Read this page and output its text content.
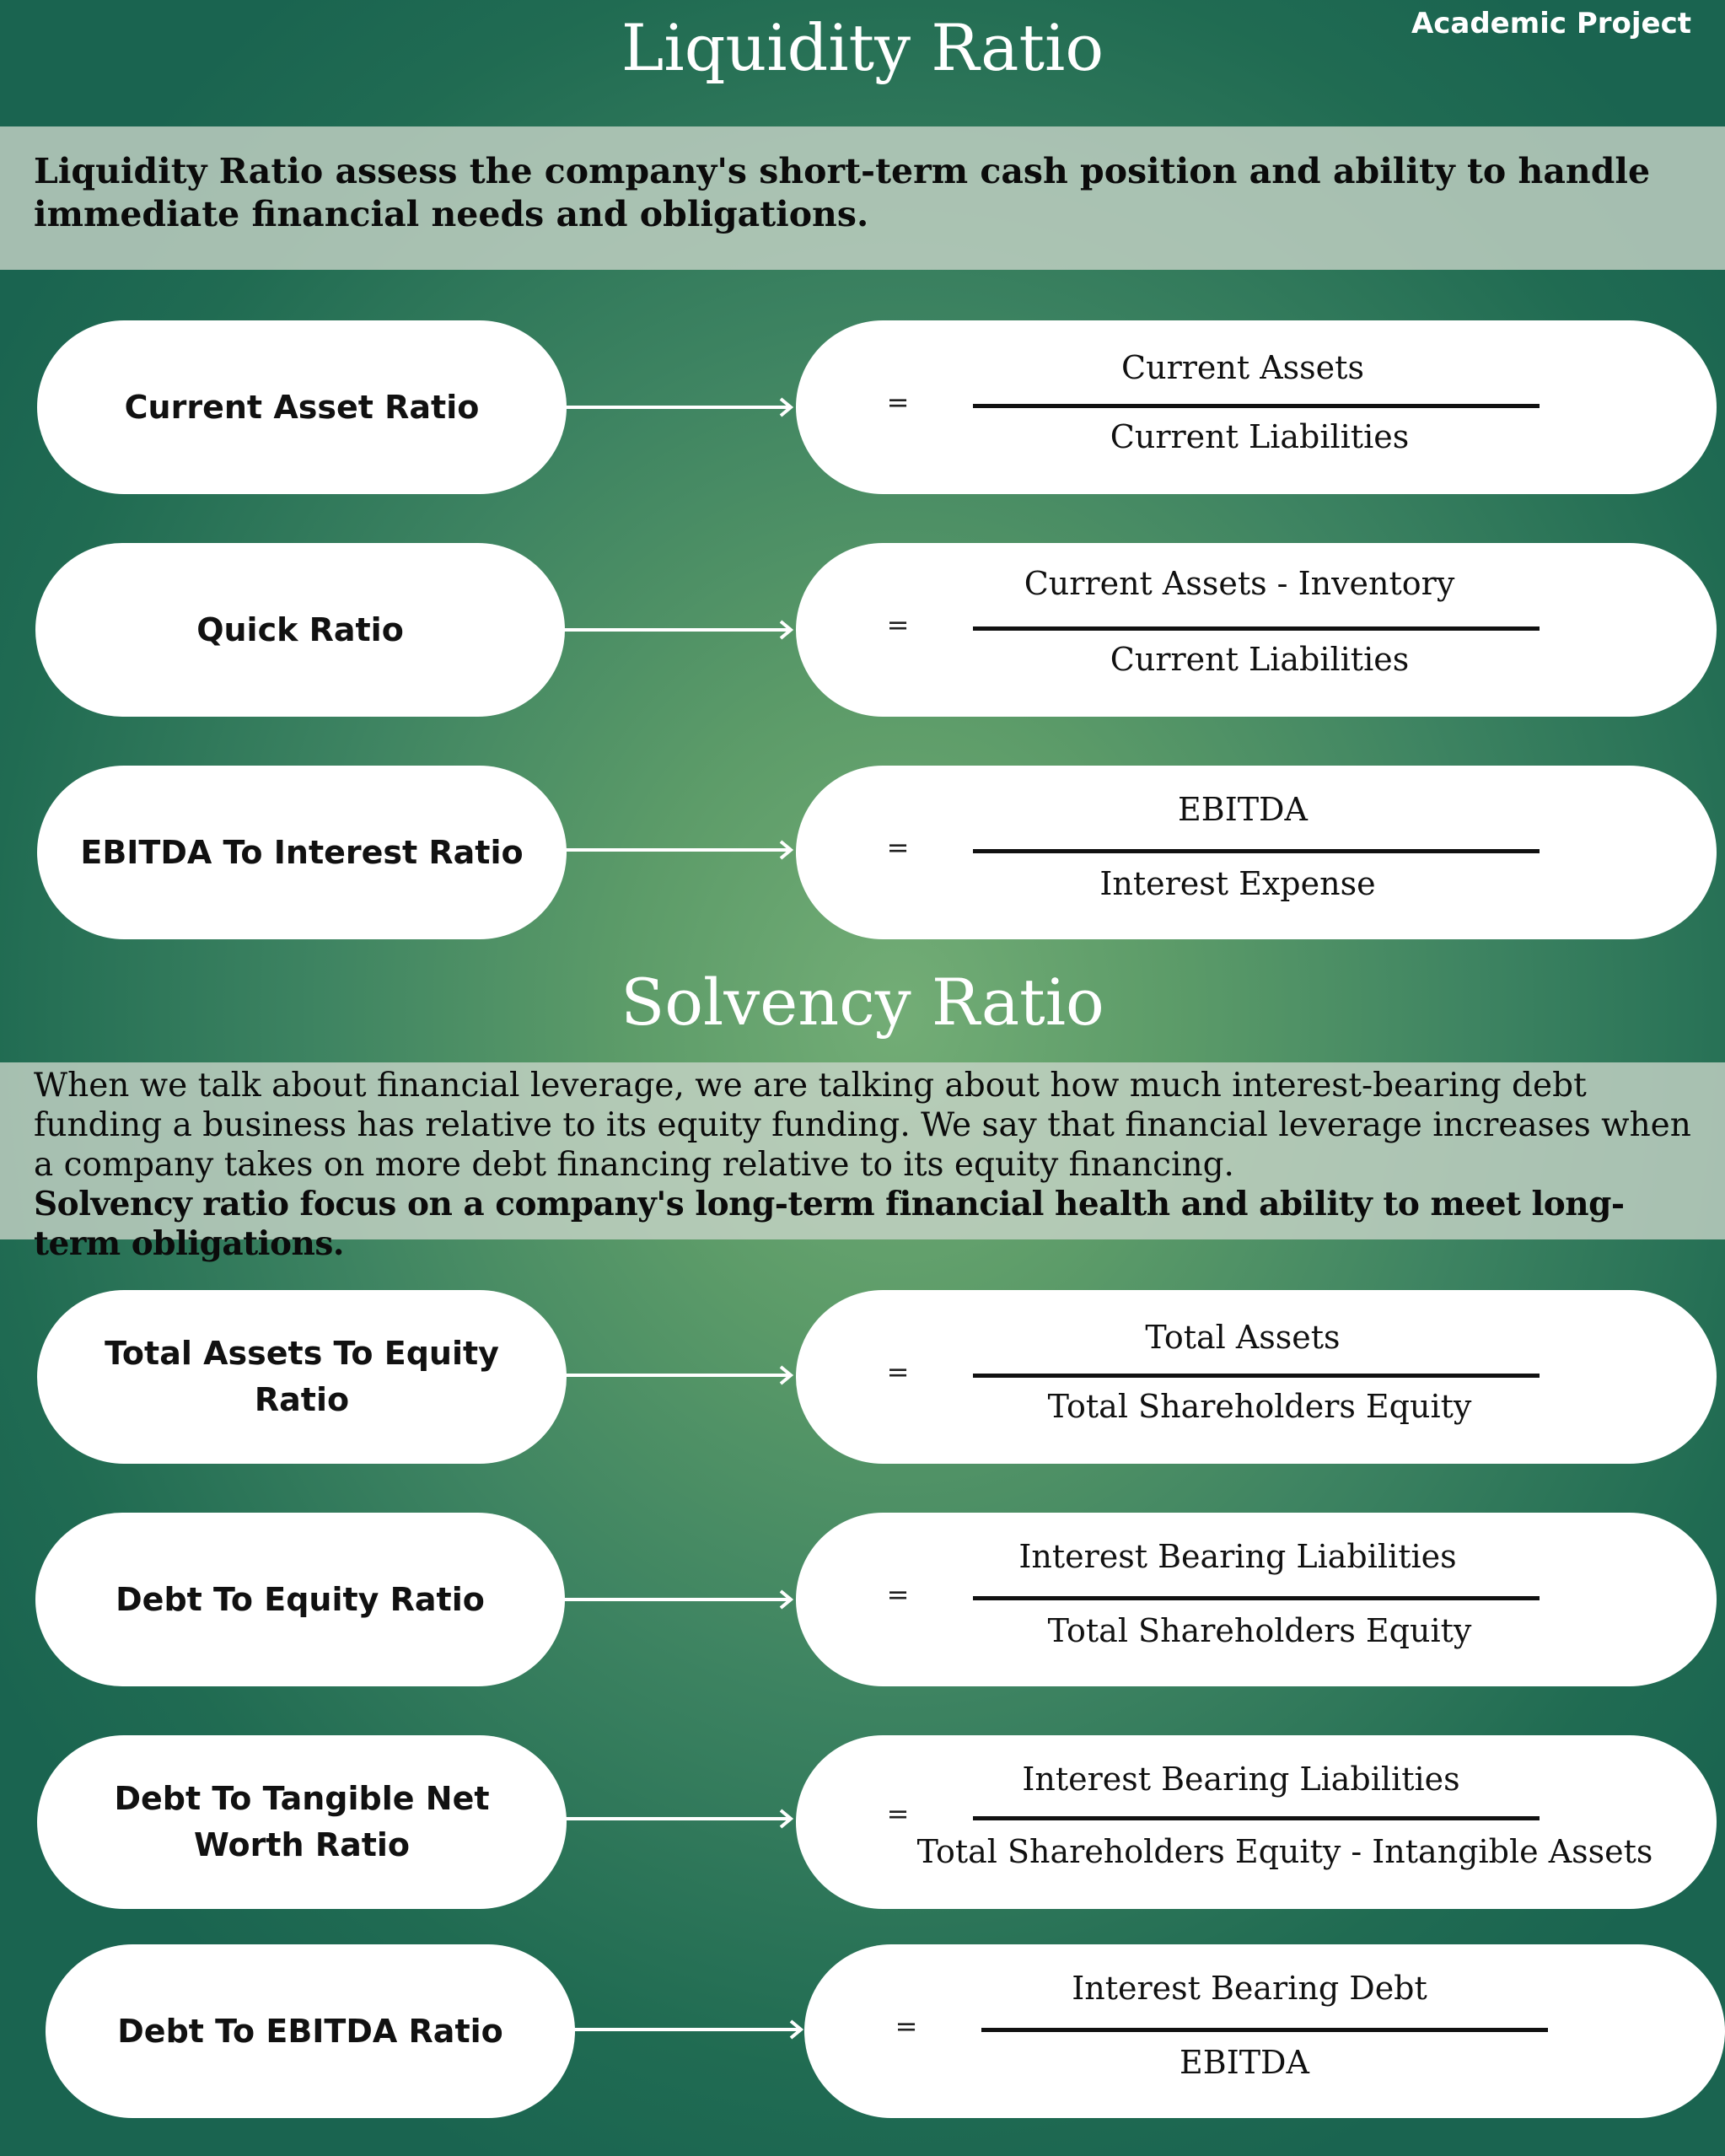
Academic Project
Liquidity Ratio
Liquidity Ratio assess the company's short-term cash position and ability to handle immediate financial needs and obligations.
Current Asset Ratio	=
Current Assets
Current Liabilities
Quick Ratio	=
Current Assets - Inventory
Current Liabilities
EBITDA To Interest Ratio	=
EBITDA
Interest Expense
Solvency Ratio
When we talk about financial leverage, we are talking about how much interest-bearing debt funding a business has relative to its equity funding. We say that financial leverage increases when a company takes on more debt financing relative to its equity financing.
Solvency ratio focus on a company's long-term financial health and ability to meet long-term obligations.
Total Assets To Equity Ratio
=
Total Assets
Total Shareholders Equity
Debt To Equity Ratio	=
Interest Bearing Liabilities
Total Shareholders Equity
Debt To Tangible Net Worth Ratio
=
Interest Bearing Liabilities
Total Shareholders Equity - Intangible Assets
Debt To EBITDA Ratio	=
Interest Bearing Debt
EBITDA
